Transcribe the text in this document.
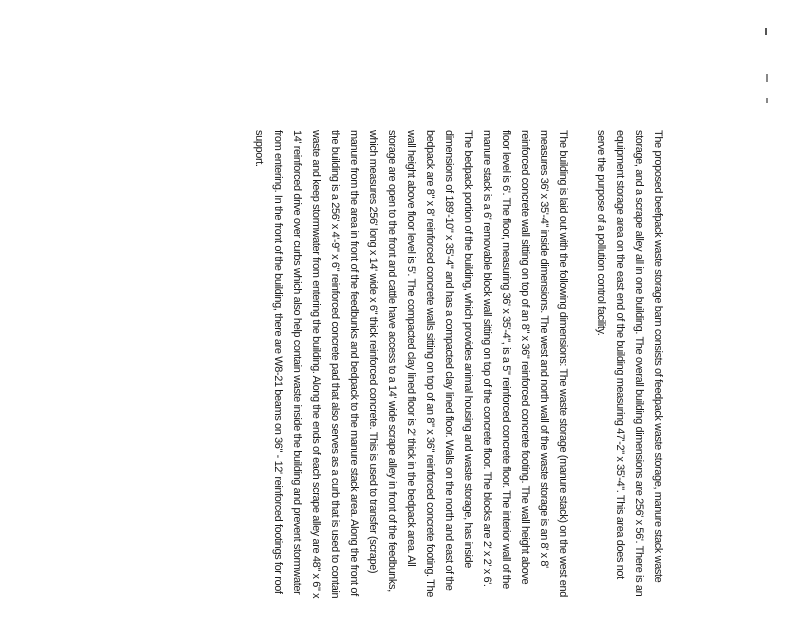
The proposed beefpack waste storage barn consists of feedpack waste storage, manure stack waste storage, and a scrape alley all in one building. The overall building dimensions are 256' x 56'. There is an equipment storage area on the east end of the building measuring 47'-2" x 35'-4". This area does not serve the purpose of a pollution control facility.

The building is laid out with the following dimensions: The waste storage (manure stack) on the west end measures 36' x 35'-4" inside dimensions. The west and north wall of the waste storage is an 8' x 8' reinforced concrete wall sitting on top of an 8" x 36" reinforced concrete footing. The wall height above floor level is 6'. The floor, measuring 36' x 35'-4", is a 5" reinforced concrete floor. The interior wall of the manure stack is a 6' removable block wall sitting on top of the concrete floor. The blocks are 2' x 2' x 6'. The bedpack portion of the building, which provides animal housing and waste storage, has inside dimensions of 189'-10" x 35'-4" and has a compacted clay lined floor. Walls on the north and east of the bedpack are 8" x 8' reinforced concrete walls sitting on top of an 8" x 36" reinforced concrete footing. The wall height above floor level is 5'. The compacted clay lined floor is 2' thick in the bedpack area. All storage are open to the front and cattle have access to a 14' wide scrape alley in front of the feedbunks, which measures 256' long x 14' wide x 6" thick reinforced concrete. This is used to transfer (scrape) manure from the area in front of the feedbunks and bedpack to the manure stack area. Along the front of the building is a 256' x 4'-9" x 6" reinforced concrete pad that also serves as a curb that is used to contain waste and keep stormwater from entering the building. Along the ends of each scrape alley are 48" x 6" x 14' reinforced drive over curbs which also help contain waste inside the building and prevent stormwater from entering. In the front of the building, there are W8-21 beams on 36" - 12' reinforced footings for roof support.
